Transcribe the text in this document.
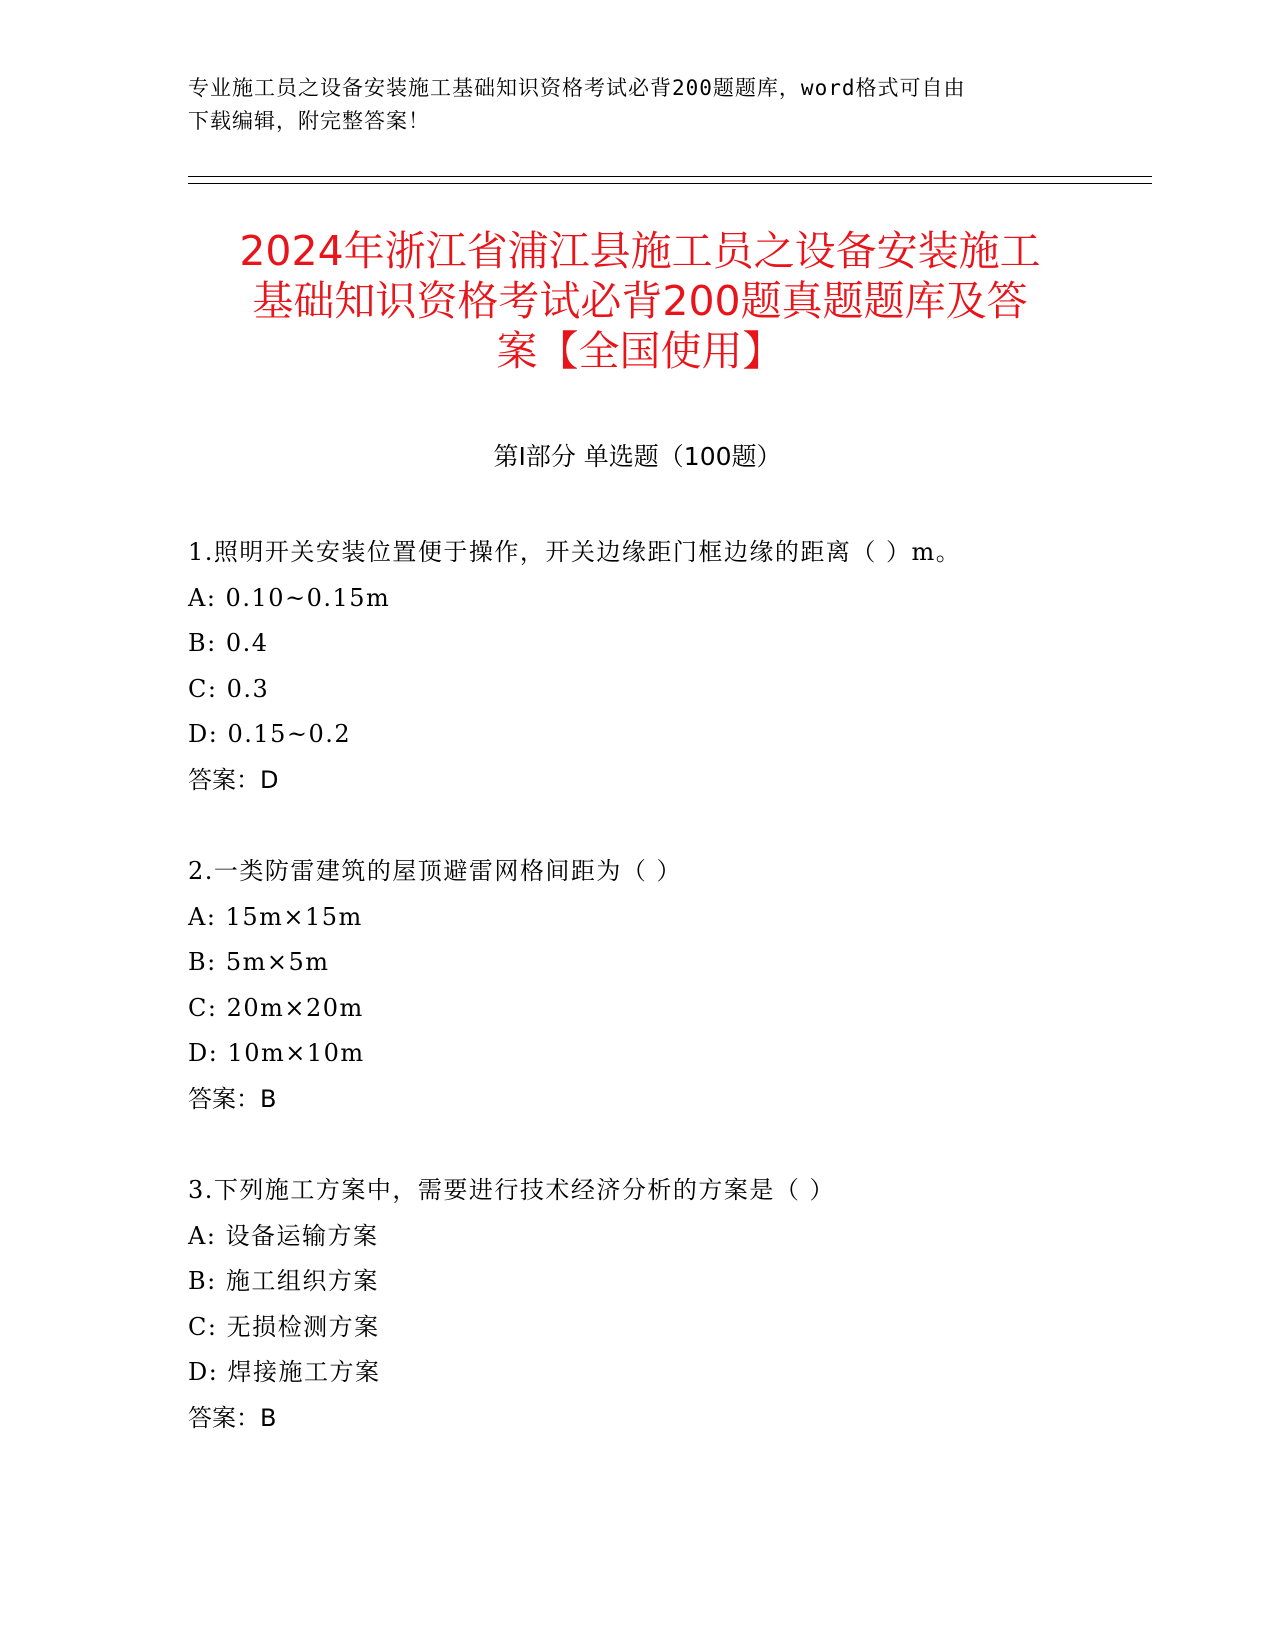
专业施工员之设备安装施工基础知识资格考试必背200题题库，word格式可自由
下载编辑，附完整答案！
2024年浙江省浦江县施工员之设备安装施工
基础知识资格考试必背200题真题题库及答
案【全国使用】
第Ⅰ部分 单选题（100题）
1.照明开关安装位置便于操作，开关边缘距门框边缘的距离（ ）m。
A: 0.10~0.15m
B: 0.4
C: 0.3
D: 0.15~0.2
答案：D
2.一类防雷建筑的屋顶避雷网格间距为（ ）
A: 15m×15m
B: 5m×5m
C: 20m×20m
D: 10m×10m
答案：B
3.下列施工方案中，需要进行技术经济分析的方案是（ ）
A: 设备运输方案
B: 施工组织方案
C: 无损检测方案
D: 焊接施工方案
答案：B
